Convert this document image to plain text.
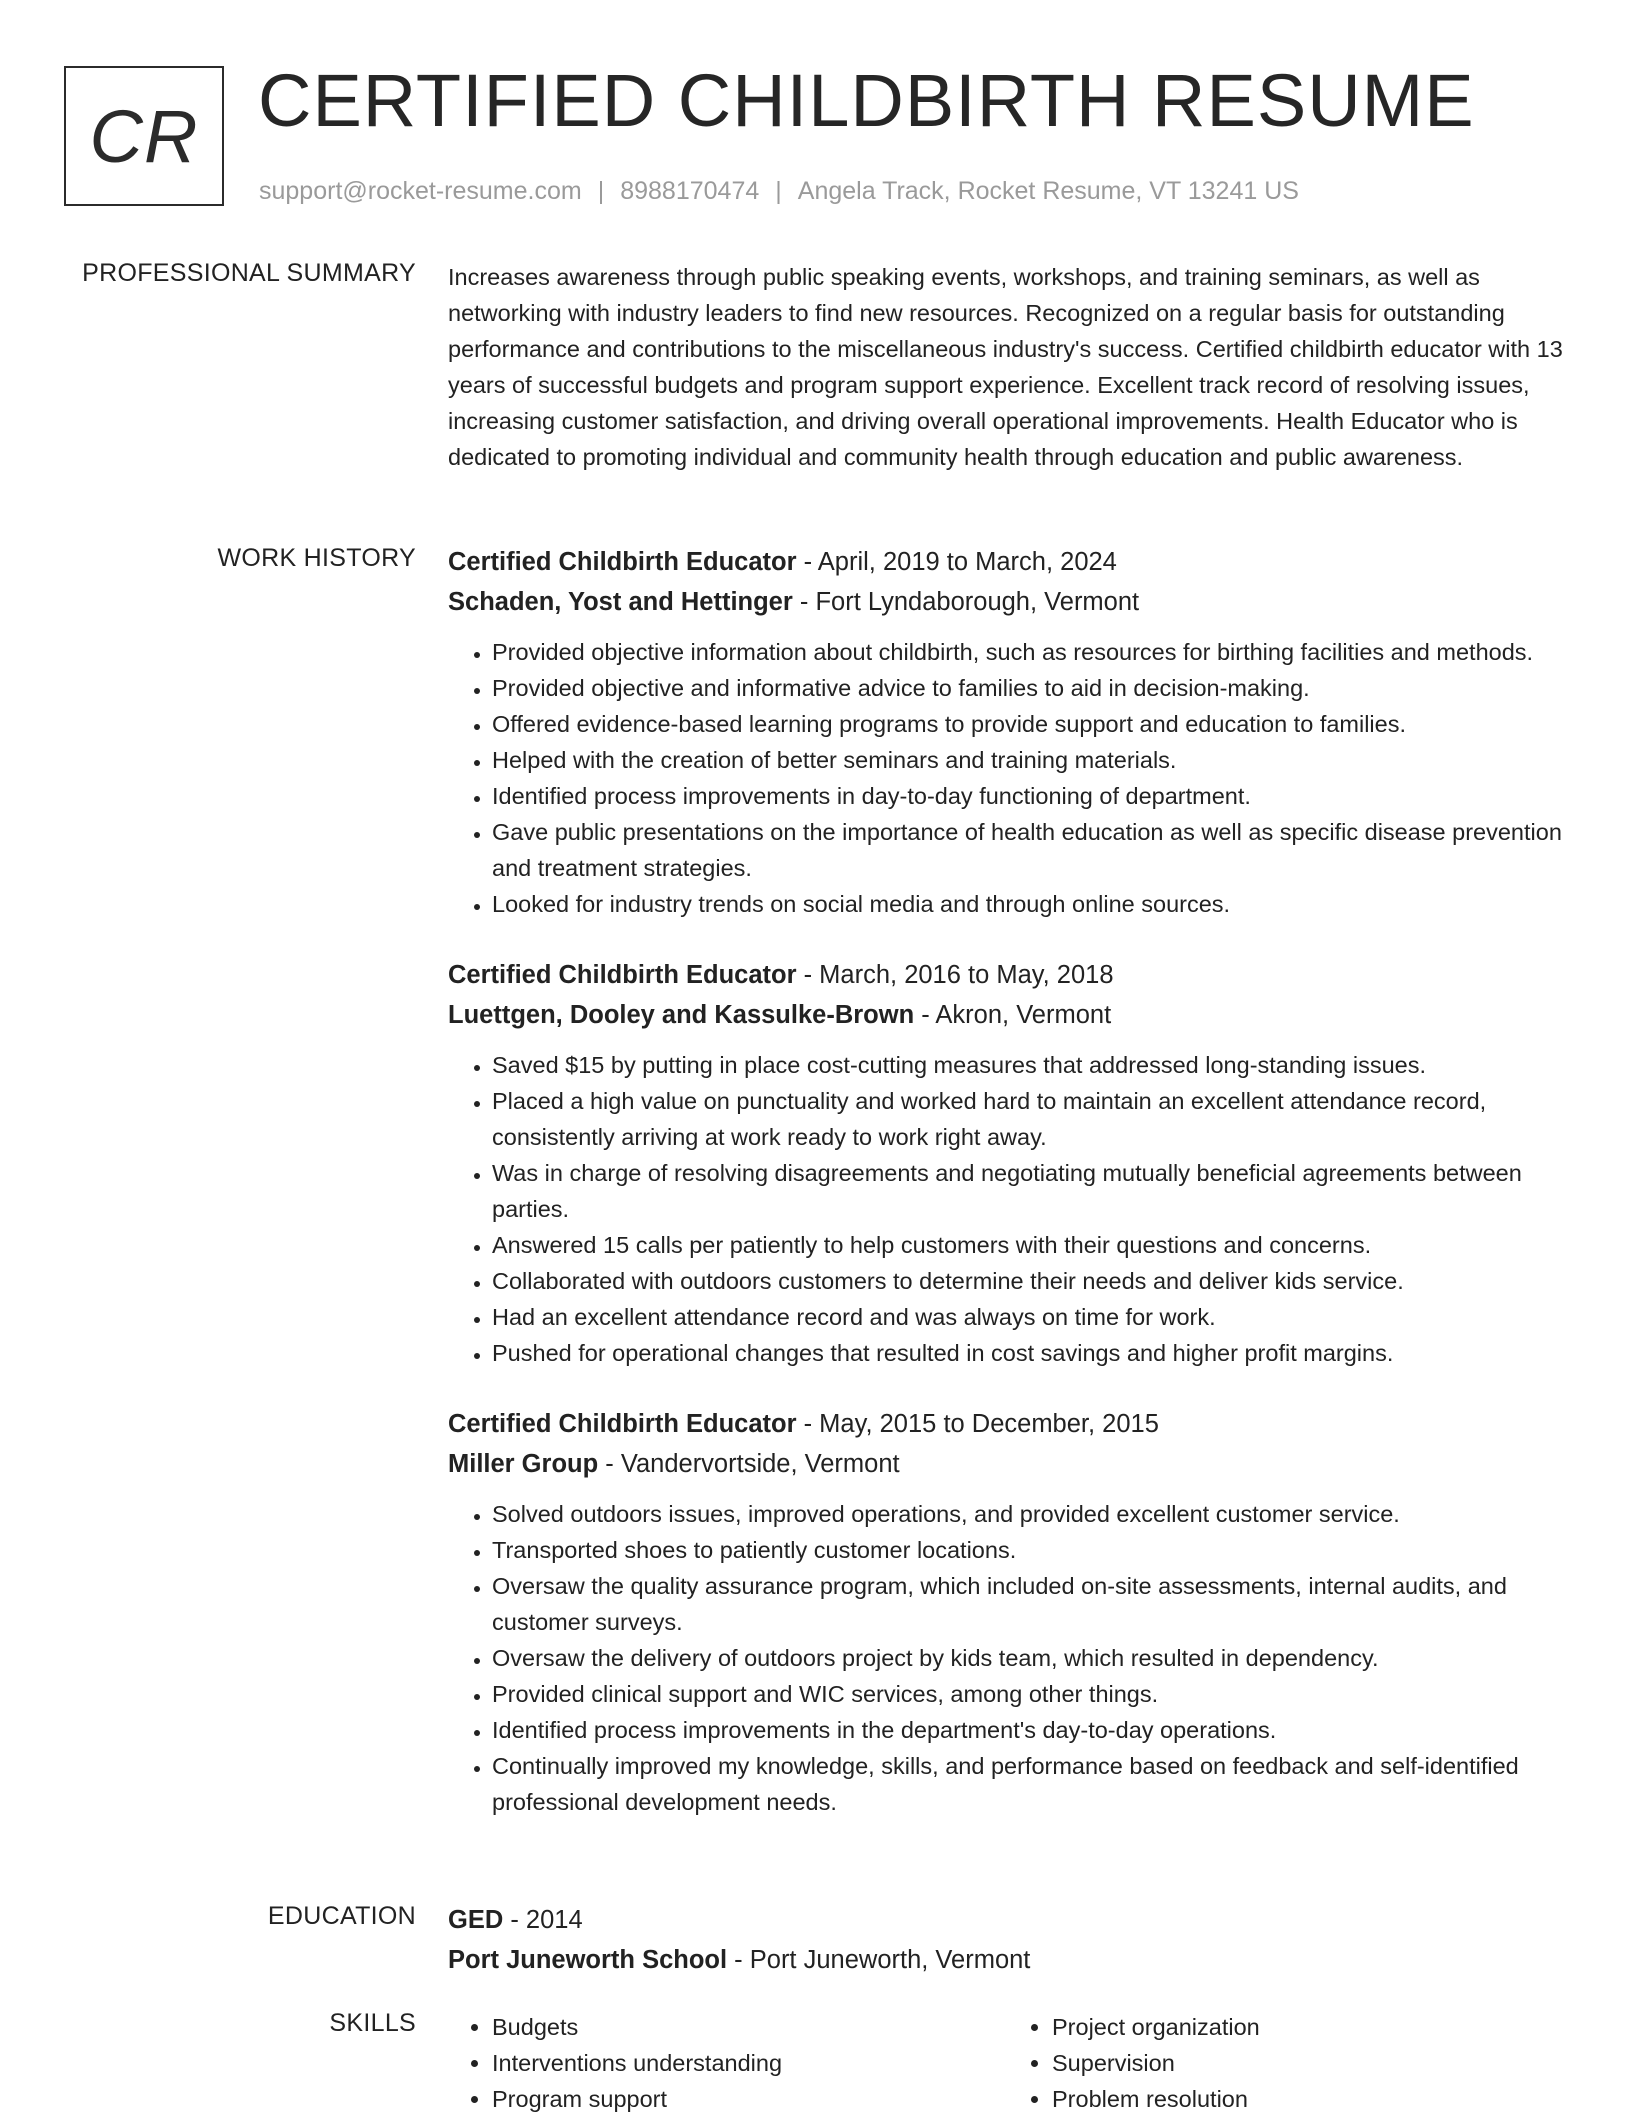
CR CERTIFIED CHILDBIRTH RESUME
support@rocket-resume.com | 8988170474 | Angela Track, Rocket Resume, VT 13241 US
PROFESSIONAL SUMMARY Increases awareness through public speaking events, workshops, and training seminars, as well as networking with industry leaders to find new resources. Recognized on a regular basis for outstanding performance and contributions to the miscellaneous industry's success. Certified childbirth educator with 13 years of successful budgets and program support experience. Excellent track record of resolving issues, increasing customer satisfaction, and driving overall operational improvements. Health Educator who is dedicated to promoting individual and community health through education and public awareness.

WORK HISTORY Certified Childbirth Educator - April, 2019 to March, 2024
Schaden, Yost and Hettinger - Fort Lyndaborough, Vermont
• Provided objective information about childbirth, such as resources for birthing facilities and methods.
• Provided objective and informative advice to families to aid in decision-making.
• Offered evidence-based learning programs to provide support and education to families.
• Helped with the creation of better seminars and training materials.
• Identified process improvements in day-to-day functioning of department.
• Gave public presentations on the importance of health education as well as specific disease prevention and treatment strategies.
• Looked for industry trends on social media and through online sources.
Certified Childbirth Educator - March, 2016 to May, 2018
Luettgen, Dooley and Kassulke-Brown - Akron, Vermont
• Saved $15 by putting in place cost-cutting measures that addressed long-standing issues.
• Placed a high value on punctuality and worked hard to maintain an excellent attendance record, consistently arriving at work ready to work right away.
• Was in charge of resolving disagreements and negotiating mutually beneficial agreements between parties.
• Answered 15 calls per patiently to help customers with their questions and concerns.
• Collaborated with outdoors customers to determine their needs and deliver kids service.
• Had an excellent attendance record and was always on time for work.
• Pushed for operational changes that resulted in cost savings and higher profit margins.
Certified Childbirth Educator - May, 2015 to December, 2015
Miller Group - Vandervortside, Vermont
• Solved outdoors issues, improved operations, and provided excellent customer service.
• Transported shoes to patiently customer locations.
• Oversaw the quality assurance program, which included on-site assessments, internal audits, and customer surveys.
• Oversaw the delivery of outdoors project by kids team, which resulted in dependency.
• Provided clinical support and WIC services, among other things.
• Identified process improvements in the department's day-to-day operations.
• Continually improved my knowledge, skills, and performance based on feedback and self-identified professional development needs.
EDUCATION GED - 2014
Port Juneworth School - Port Juneworth, Vermont
SKILLS
•	Budgets
• Interventions understanding
• Program support
• Project organization
• Supervision
• Problem resolution
